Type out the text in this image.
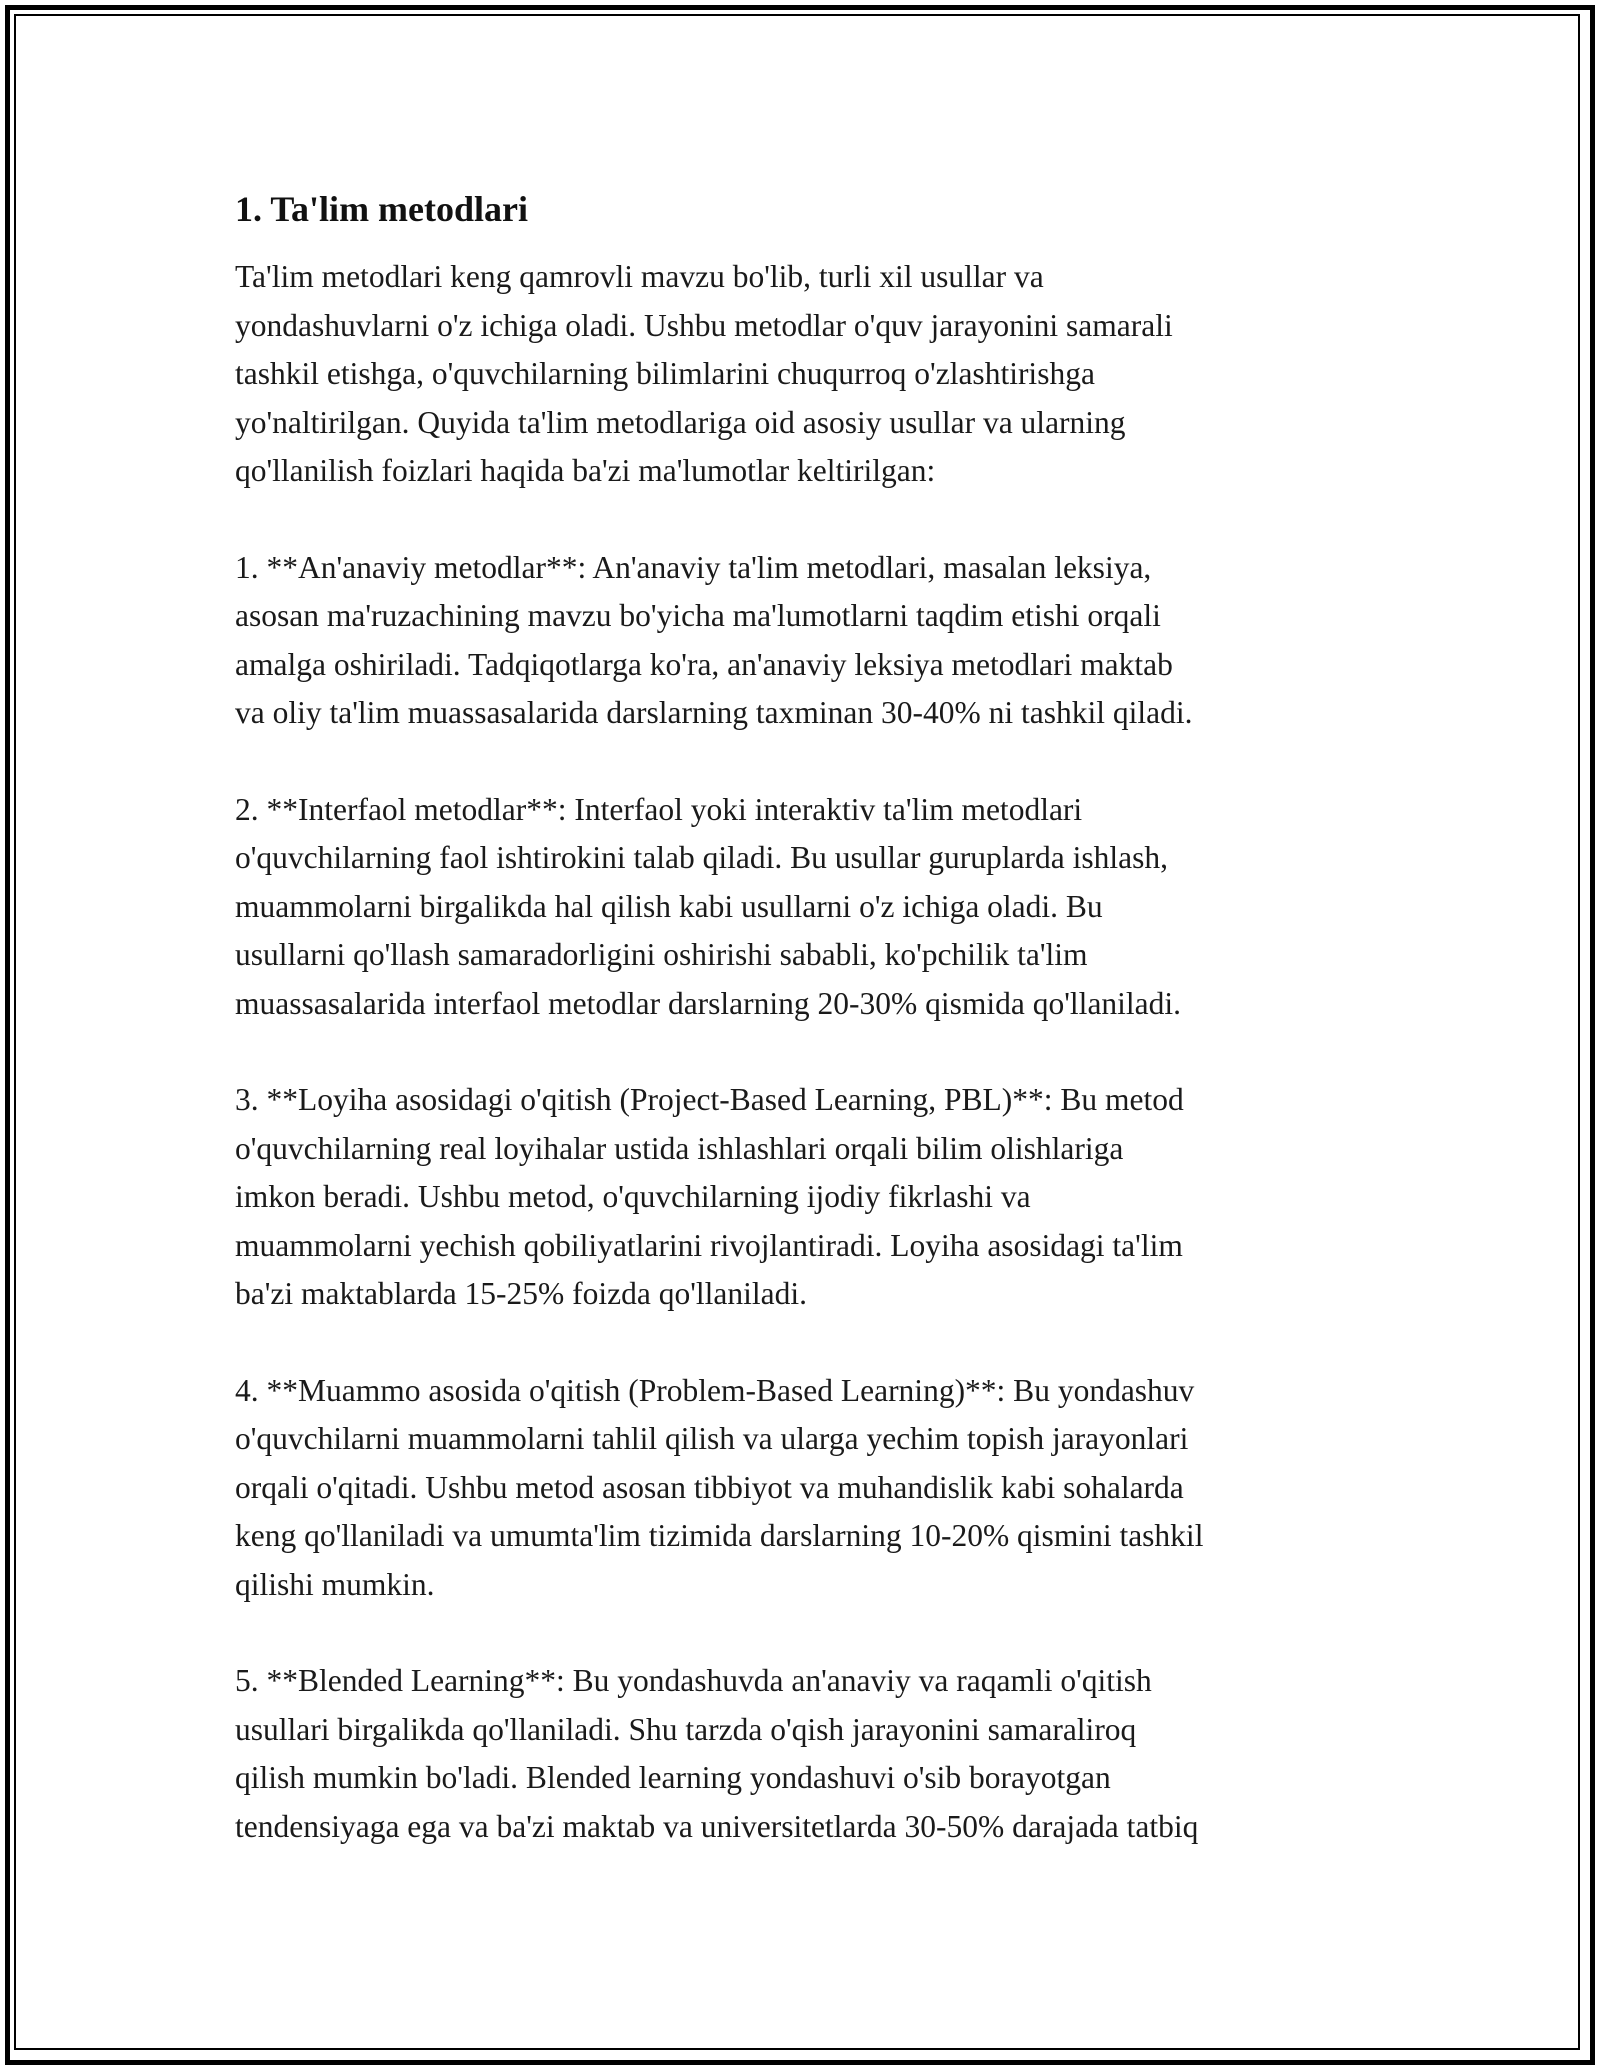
1. Ta'lim metodlari
Ta'lim metodlari keng qamrovli mavzu bo'lib, turli xil usullar va
yondashuvlarni o'z ichiga oladi. Ushbu metodlar o'quv jarayonini samarali
tashkil etishga, o'quvchilarning bilimlarini chuqurroq o'zlashtirishga
yo'naltirilgan. Quyida ta'lim metodlariga oid asosiy usullar va ularning
qo'llanilish foizlari haqida ba'zi ma'lumotlar keltirilgan:
1. **An'anaviy metodlar**: An'anaviy ta'lim metodlari, masalan leksiya,
asosan ma'ruzachining mavzu bo'yicha ma'lumotlarni taqdim etishi orqali
amalga oshiriladi. Tadqiqotlarga ko'ra, an'anaviy leksiya metodlari maktab
va oliy ta'lim muassasalarida darslarning taxminan 30-40% ni tashkil qiladi.
2. **Interfaol metodlar**: Interfaol yoki interaktiv ta'lim metodlari
o'quvchilarning faol ishtirokini talab qiladi. Bu usullar guruplarda ishlash,
muammolarni birgalikda hal qilish kabi usullarni o'z ichiga oladi. Bu
usullarni qo'llash samaradorligini oshirishi sababli, ko'pchilik ta'lim
muassasalarida interfaol metodlar darslarning 20-30% qismida qo'llaniladi.
3. **Loyiha asosidagi o'qitish (Project-Based Learning, PBL)**: Bu metod
o'quvchilarning real loyihalar ustida ishlashlari orqali bilim olishlariga
imkon beradi. Ushbu metod, o'quvchilarning ijodiy fikrlashi va
muammolarni yechish qobiliyatlarini rivojlantiradi. Loyiha asosidagi ta'lim
ba'zi maktablarda 15-25% foizda qo'llaniladi.
4. **Muammo asosida o'qitish (Problem-Based Learning)**: Bu yondashuv
o'quvchilarni muammolarni tahlil qilish va ularga yechim topish jarayonlari
orqali o'qitadi. Ushbu metod asosan tibbiyot va muhandislik kabi sohalarda
keng qo'llaniladi va umumta'lim tizimida darslarning 10-20% qismini tashkil
qilishi mumkin.
5. **Blended Learning**: Bu yondashuvda an'anaviy va raqamli o'qitish
usullari birgalikda qo'llaniladi. Shu tarzda o'qish jarayonini samaraliroq
qilish mumkin bo'ladi. Blended learning yondashuvi o'sib borayotgan
tendensiyaga ega va ba'zi maktab va universitetlarda 30-50% darajada tatbiq
